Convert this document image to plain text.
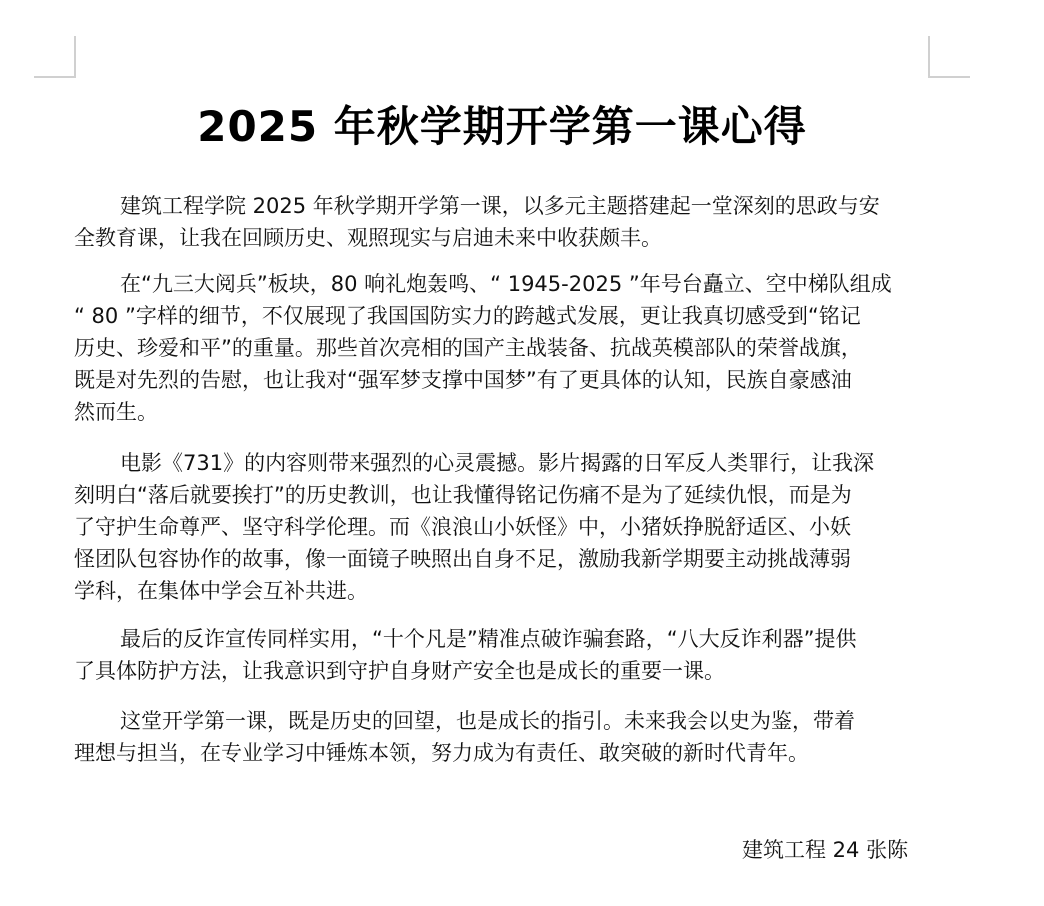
2025 年秋学期开学第一课心得
建筑工程学院 2025 年秋学期开学第一课，以多元主题搭建起一堂深刻的思政与安
全教育课，让我在回顾历史、观照现实与启迪未来中收获颇丰。
在“九三大阅兵”板块，80 响礼炮轰鸣、“ 1945-2025 ”年号台矗立、空中梯队组成
“ 80 ”字样的细节，不仅展现了我国国防实力的跨越式发展，更让我真切感受到“铭记
历史、珍爱和平”的重量。那些首次亮相的国产主战装备、抗战英模部队的荣誉战旗，
既是对先烈的告慰，也让我对“强军梦支撑中国梦”有了更具体的认知，民族自豪感油
然而生。
电影《731》的内容则带来强烈的心灵震撼。影片揭露的日军反人类罪行，让我深
刻明白“落后就要挨打”的历史教训，也让我懂得铭记伤痛不是为了延续仇恨，而是为
了守护生命尊严、坚守科学伦理。而《浪浪山小妖怪》中，小猪妖挣脱舒适区、小妖
怪团队包容协作的故事，像一面镜子映照出自身不足，激励我新学期要主动挑战薄弱
学科，在集体中学会互补共进。
最后的反诈宣传同样实用，“十个凡是”精准点破诈骗套路，“八大反诈利器”提供
了具体防护方法，让我意识到守护自身财产安全也是成长的重要一课。
这堂开学第一课，既是历史的回望，也是成长的指引。未来我会以史为鉴，带着
理想与担当，在专业学习中锤炼本领，努力成为有责任、敢突破的新时代青年。
建筑工程 24 张陈
